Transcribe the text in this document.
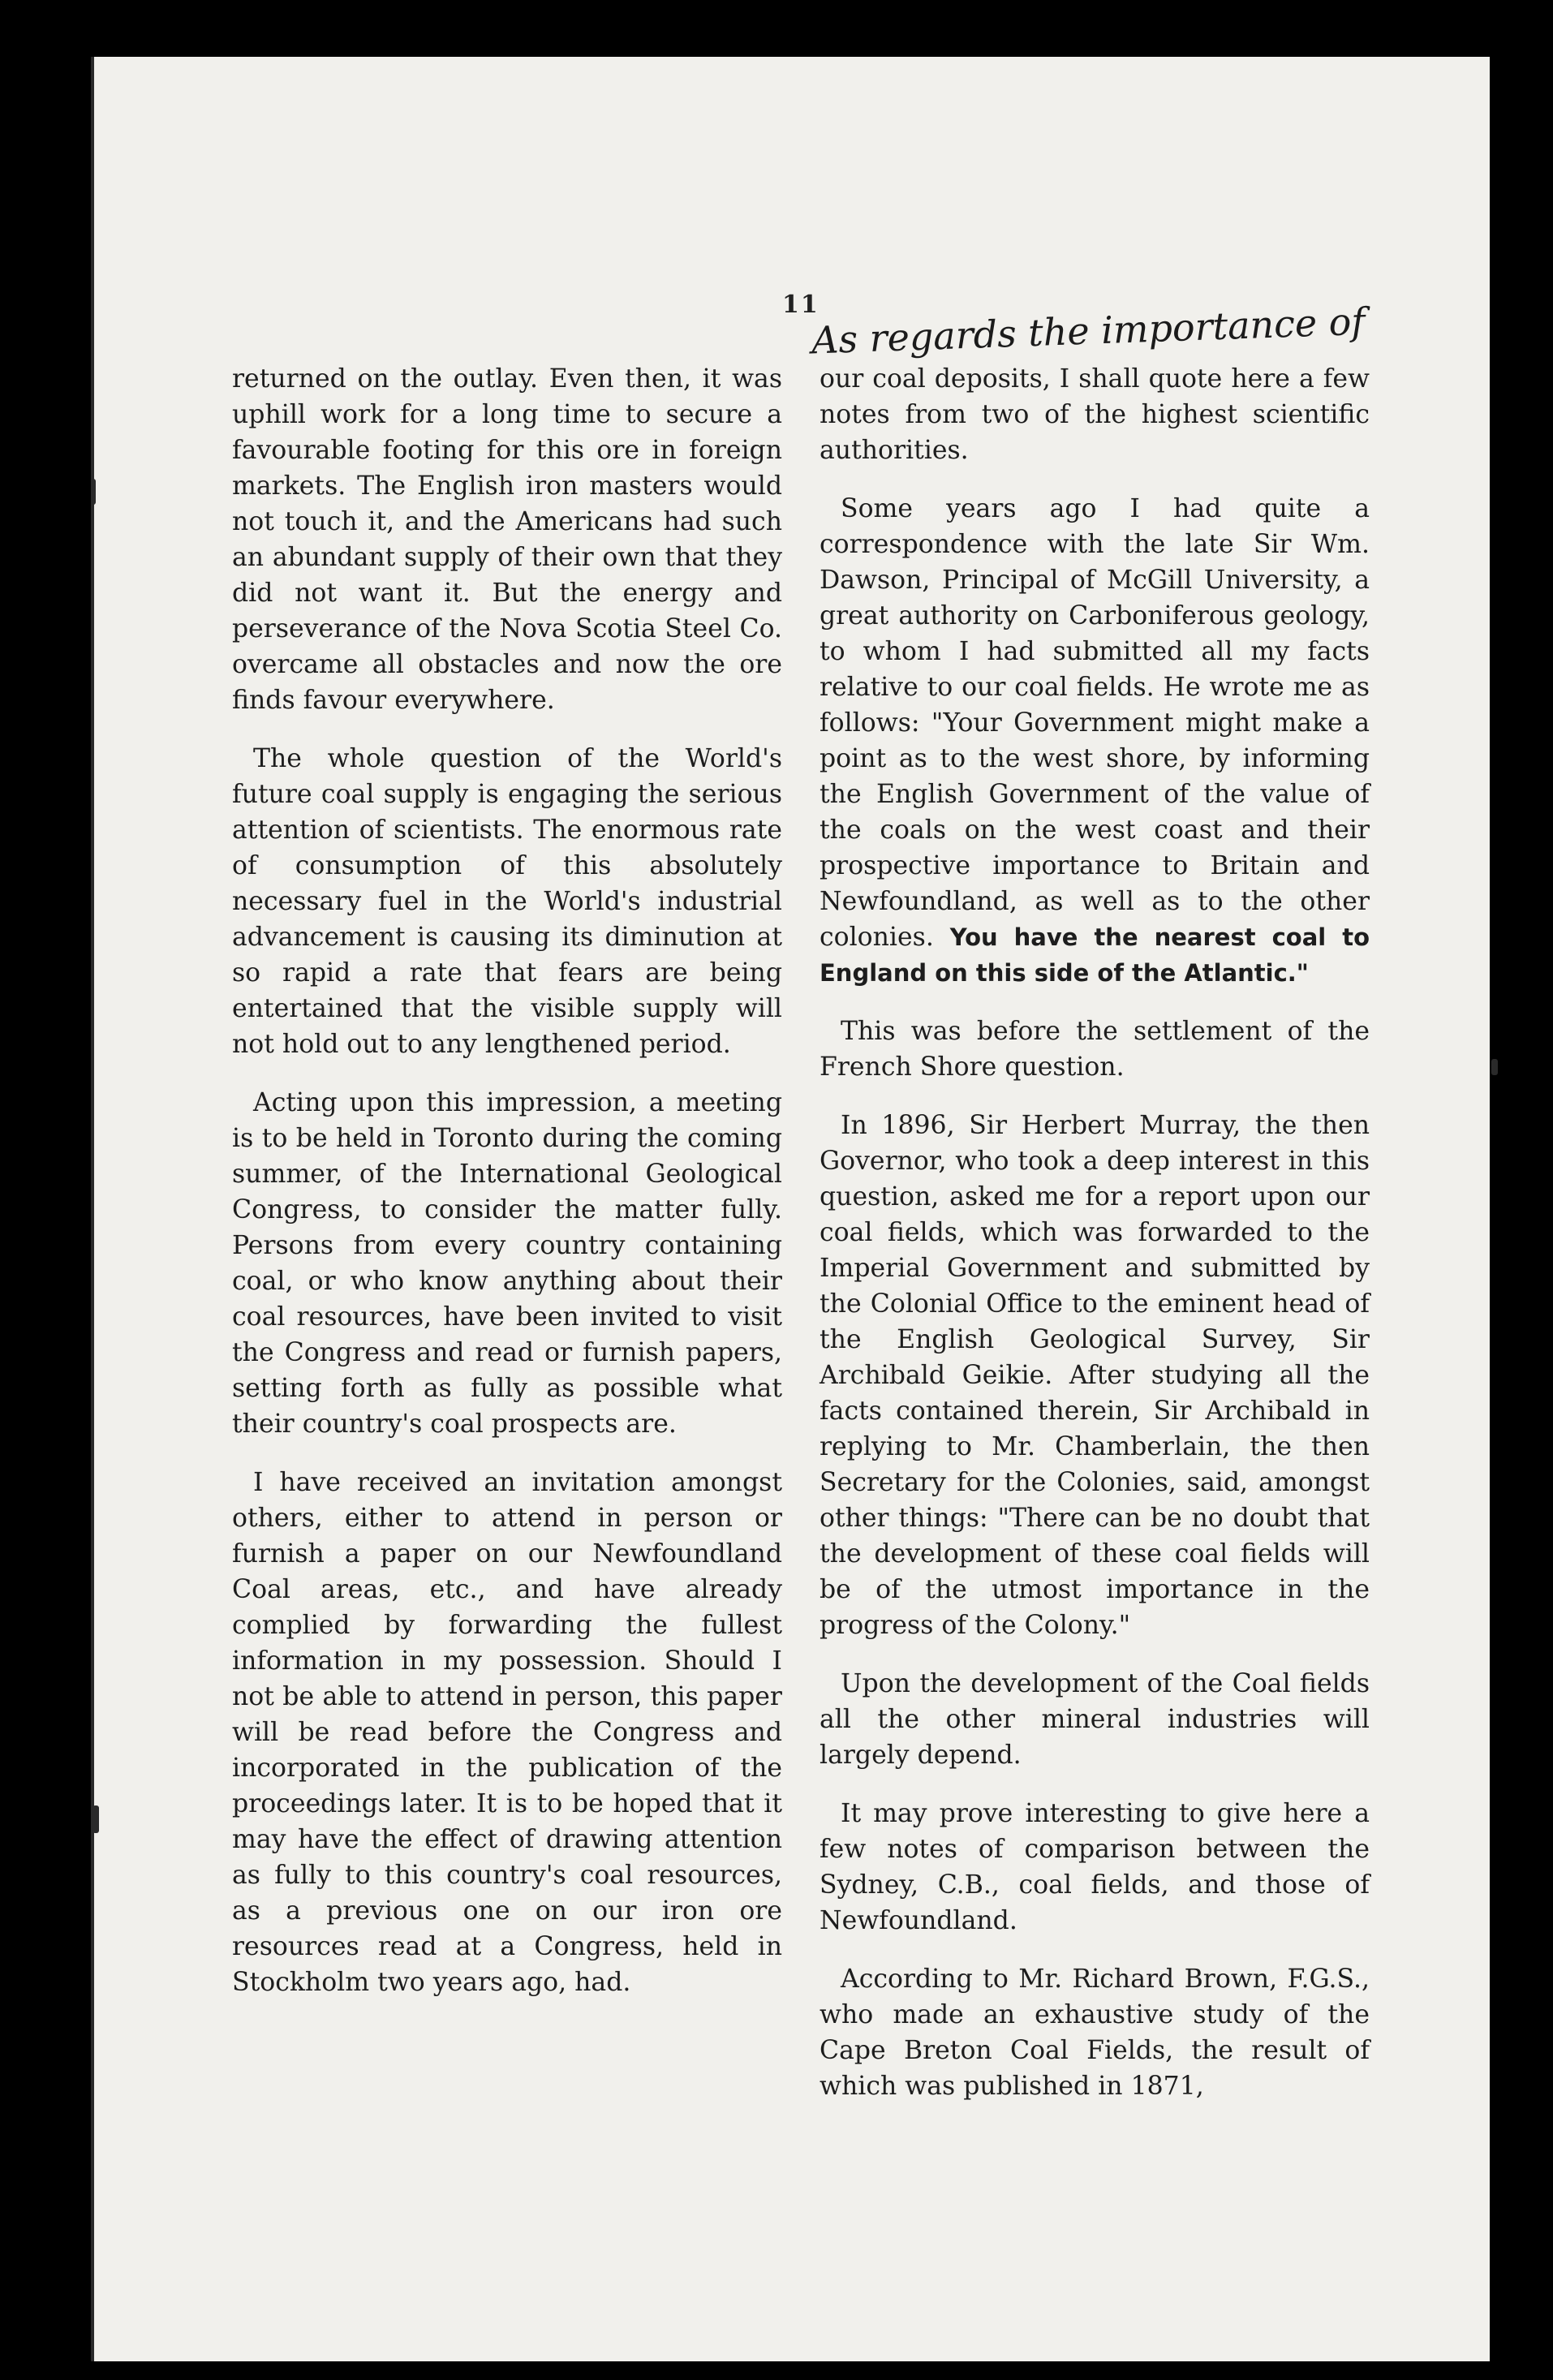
11
As regards the importance of

returned on the outlay. Even then, it was uphill work for a long time to secure a favourable footing for this ore in foreign markets. The English iron masters would not touch it, and the Americans had such an abundant supply of their own that they did not want it. But the energy and perseverance of the Nova Scotia Steel Co. overcame all obstacles and now the ore finds favour everywhere.

The whole question of the World's future coal supply is engaging the serious attention of scientists. The enormous rate of consumption of this absolutely necessary fuel in the World's industrial advancement is causing its diminution at so rapid a rate that fears are being entertained that the visible supply will not hold out to any lengthened period.

Acting upon this impression, a meeting is to be held in Toronto during the coming summer, of the International Geological Congress, to consider the matter fully. Persons from every country containing coal, or who know anything about their coal resources, have been invited to visit the Congress and read or furnish papers, setting forth as fully as possible what their country's coal prospects are.

I have received an invitation amongst others, either to attend in person or furnish a paper on our Newfoundland Coal areas, etc., and have already complied by forwarding the fullest information in my possession. Should I not be able to attend in person, this paper will be read before the Congress and incorporated in the publication of the proceedings later. It is to be hoped that it may have the effect of drawing attention as fully to this country's coal resources, as a previous one on our iron ore resources read at a Congress, held in Stockholm two years ago, had.

our coal deposits, I shall quote here a few notes from two of the highest scientific authorities.

Some years ago I had quite a correspondence with the late Sir Wm. Dawson, Principal of McGill University, a great authority on Carboniferous geology, to whom I had submitted all my facts relative to our coal fields. He wrote me as follows: "Your Government might make a point as to the west shore, by informing the English Government of the value of the coals on the west coast and their prospective importance to Britain and Newfoundland, as well as to the other colonies. You have the nearest coal to England on this side of the Atlantic."

This was before the settlement of the French Shore question.

In 1896, Sir Herbert Murray, the then Governor, who took a deep interest in this question, asked me for a report upon our coal fields, which was forwarded to the Imperial Government and submitted by the Colonial Office to the eminent head of the English Geological Survey, Sir Archibald Geikie. After studying all the facts contained therein, Sir Archibald in replying to Mr. Chamberlain, the then Secretary for the Colonies, said, amongst other things: "There can be no doubt that the development of these coal fields will be of the utmost importance in the progress of the Colony."

Upon the development of the Coal fields all the other mineral industries will largely depend.

It may prove interesting to give here a few notes of comparison between the Sydney, C.B., coal fields, and those of Newfoundland.

According to Mr. Richard Brown, F.G.S., who made an exhaustive study of the Cape Breton Coal Fields, the result of which was published in 1871,
